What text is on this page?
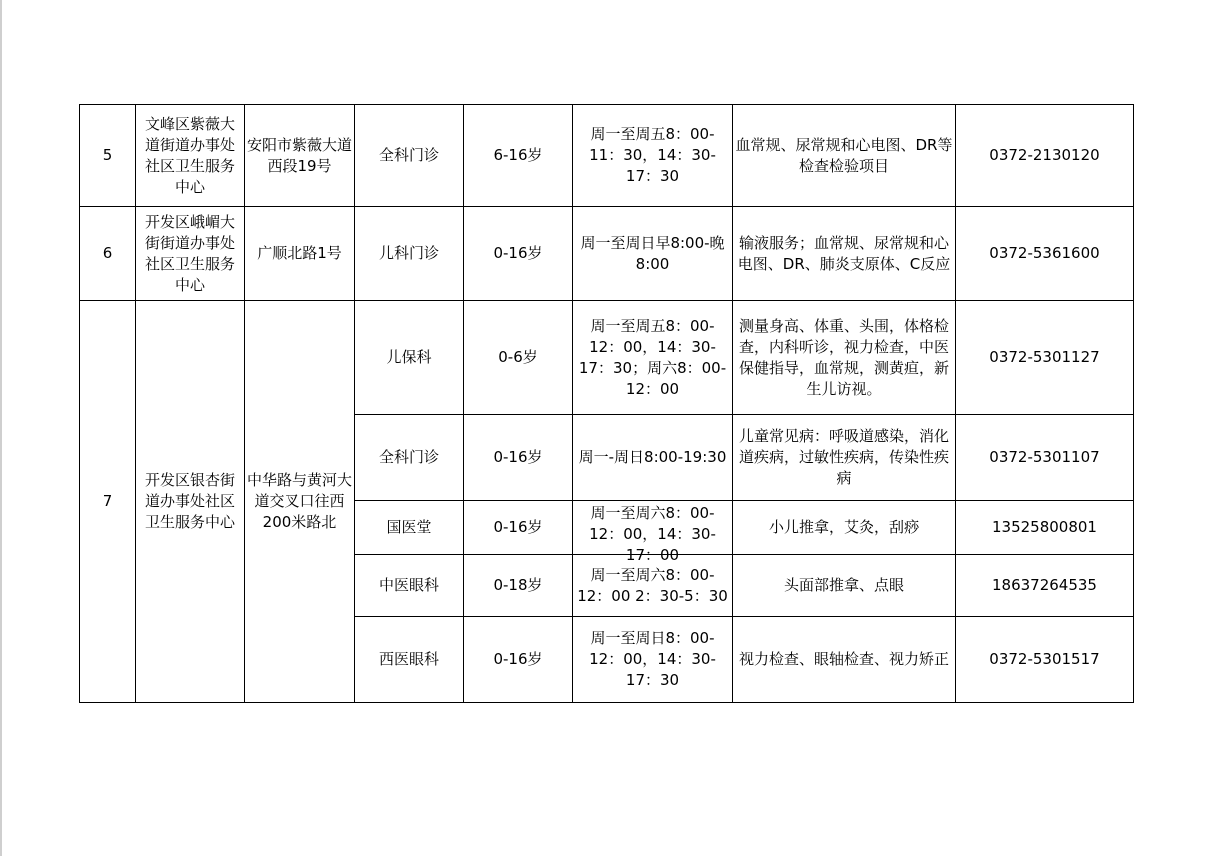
5	文峰区紫薇大道街道办事处社区卫生服务中心	安阳市紫薇大道西段19号	全科门诊	6-16岁	周一至周五8：00-11：30，14：30-17：30	血常规、尿常规和心电图、DR等检查检验项目	0372-2130120
6	开发区峨嵋大街街道办事处社区卫生服务中心	广顺北路1号	儿科门诊	0-16岁	周一至周日早8:00-晚8:00	输液服务；血常规、尿常规和心电图、DR、肺炎支原体、C反应	0372-5361600
7	开发区银杏街道办事处社区卫生服务中心	中华路与黄河大道交叉口往西200米路北	儿保科	0-6岁	周一至周五8：00-12：00，14：30-17：30；周六8：00-12：00	测量身高、体重、头围，体格检查，内科听诊，视力检查，中医保健指导，血常规，测黄疸，新生儿访视。	0372-5301127
			全科门诊	0-16岁	周一-周日8:00-19:30	儿童常见病：呼吸道感染，消化道疾病，过敏性疾病，传染性疾病	0372-5301107
			国医堂	0-16岁	周一至周六8：00-12：00，14：30-17：00	小儿推拿，艾灸，刮痧	13525800801
			中医眼科	0-18岁	周一至周六8：00-12：00 2：30-5：30	头面部推拿、点眼	18637264535
			西医眼科	0-16岁	周一至周日8：00-12：00，14：30-17：30	视力检查、眼轴检查、视力矫正	0372-5301517
